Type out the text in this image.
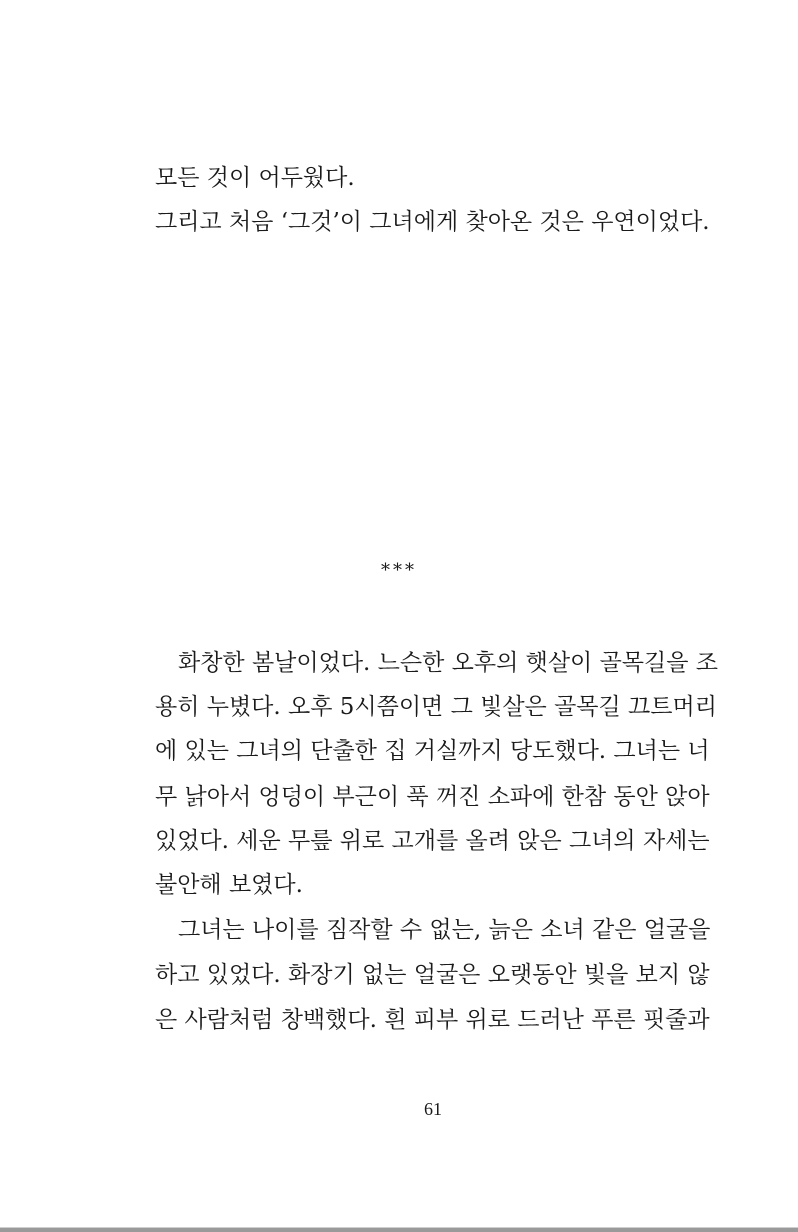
모든 것이 어두웠다.

그리고 처음 ‘그것’이 그녀에게 찾아온 것은 우연이었다.

***

화창한 봄날이었다. 느슨한 오후의 햇살이 골목길을 조

용히 누볐다. 오후 5시쯤이면 그 빛살은 골목길 끄트머리

에 있는 그녀의 단출한 집 거실까지 당도했다. 그녀는 너

무 낡아서 엉덩이 부근이 푹 꺼진 소파에 한참 동안 앉아

있었다. 세운 무릎 위로 고개를 올려 앉은 그녀의 자세는

불안해 보였다.

그녀는 나이를 짐작할 수 없는, 늙은 소녀 같은 얼굴을

하고 있었다. 화장기 없는 얼굴은 오랫동안 빛을 보지 않

은 사람처럼 창백했다. 흰 피부 위로 드러난 푸른 핏줄과

61
